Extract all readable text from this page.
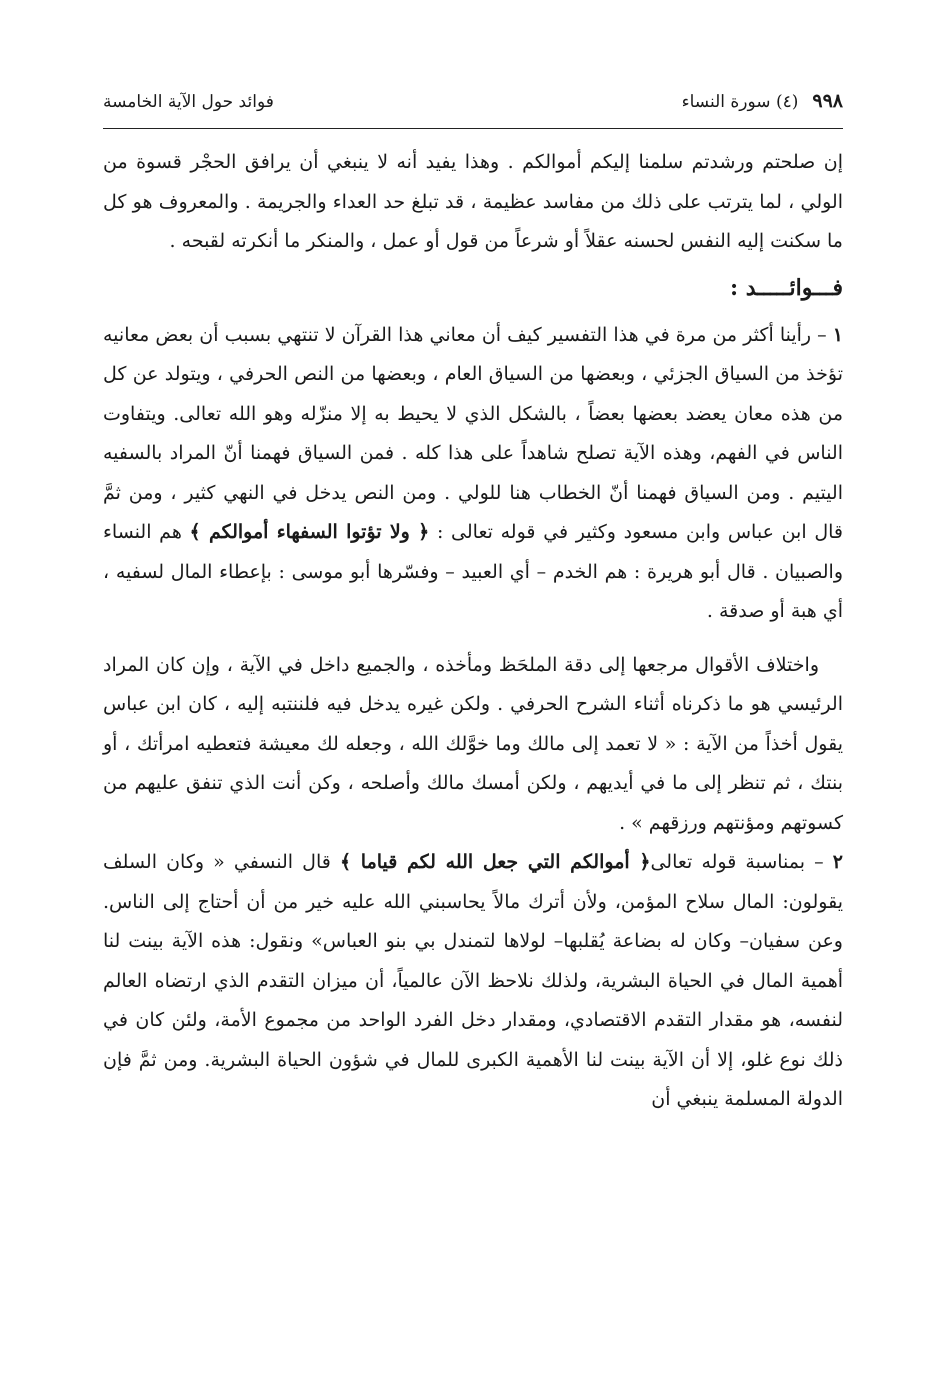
٩٩٨
(٤) سورة النساء
فوائد حول الآية الخامسة

إن صلحتم ورشدتم سلمنا إليكم أموالكم . وهذا يفيد أنه لا ينبغي أن يرافق الحجْر قسوة من الولي ، لما يترتب على ذلك من مفاسد عظيمة ، قد تبلغ حد العداء والجريمة . والمعروف هو كل ما سكنت إليه النفس لحسنه عقلاً أو شرعاً من قول أو عمل ، والمنكر ما أنكرته لقبحه .

فـــوائـــــد :

١ – رأينا أكثر من مرة في هذا التفسير كيف أن معاني هذا القرآن لا تنتهي بسبب أن بعض معانيه تؤخذ من السياق الجزئي ، وبعضها من السياق العام ، وبعضها من النص الحرفي ، ويتولد عن كل من هذه معان يعضد بعضها بعضاً ، بالشكل الذي لا يحيط به إلا منزّله وهو الله تعالى. ويتفاوت الناس في الفهم، وهذه الآية تصلح شاهداً على هذا كله . فمن السياق فهمنا أنّ المراد بالسفيه اليتيم . ومن السياق فهمنا أنّ الخطاب هنا للولي . ومن النص يدخل في النهي كثير ، ومن ثمَّ قال ابن عباس وابن مسعود وكثير في قوله تعالى : ﴿ ولا تؤتوا السفهاء أموالكم ﴾ هم النساء والصبيان . قال أبو هريرة : هم الخدم – أي العبيد – وفسّرها أبو موسى : بإعطاء المال لسفيه ، أي هبة أو صدقة .

واختلاف الأقوال مرجعها إلى دقة الملحَظ ومأخذه ، والجميع داخل في الآية ، وإن كان المراد الرئيسي هو ما ذكرناه أثناء الشرح الحرفي . ولكن غيره يدخل فيه فلننتبه إليه ، كان ابن عباس يقول أخذاً من الآية : « لا تعمد إلى مالك وما خوَّلك الله ، وجعله لك معيشة فتعطيه امرأتك ، أو بنتك ، ثم تنظر إلى ما في أيديهم ، ولكن أمسك مالك وأصلحه ، وكن أنت الذي تنفق عليهم من كسوتهم ومؤنتهم ورزقهم » .

٢ – بمناسبة قوله تعالى﴿ أموالكم التي جعل الله لكم قياما ﴾ قال النسفي « وكان السلف يقولون: المال سلاح المؤمن، ولأن أترك مالاً يحاسبني الله عليه خير من أن أحتاج إلى الناس. وعن سفيان– وكان له بضاعة يُقلبها– لولاها لتمندل بي بنو العباس» ونقول: هذه الآية بينت لنا أهمية المال في الحياة البشرية، ولذلك نلاحظ الآن عالمياً، أن ميزان التقدم الذي ارتضاه العالم لنفسه، هو مقدار التقدم الاقتصادي، ومقدار دخل الفرد الواحد من مجموع الأمة، ولئن كان في ذلك نوع غلو، إلا أن الآية بينت لنا الأهمية الكبرى للمال في شؤون الحياة البشرية. ومن ثمَّ فإن الدولة المسلمة ينبغي أن
